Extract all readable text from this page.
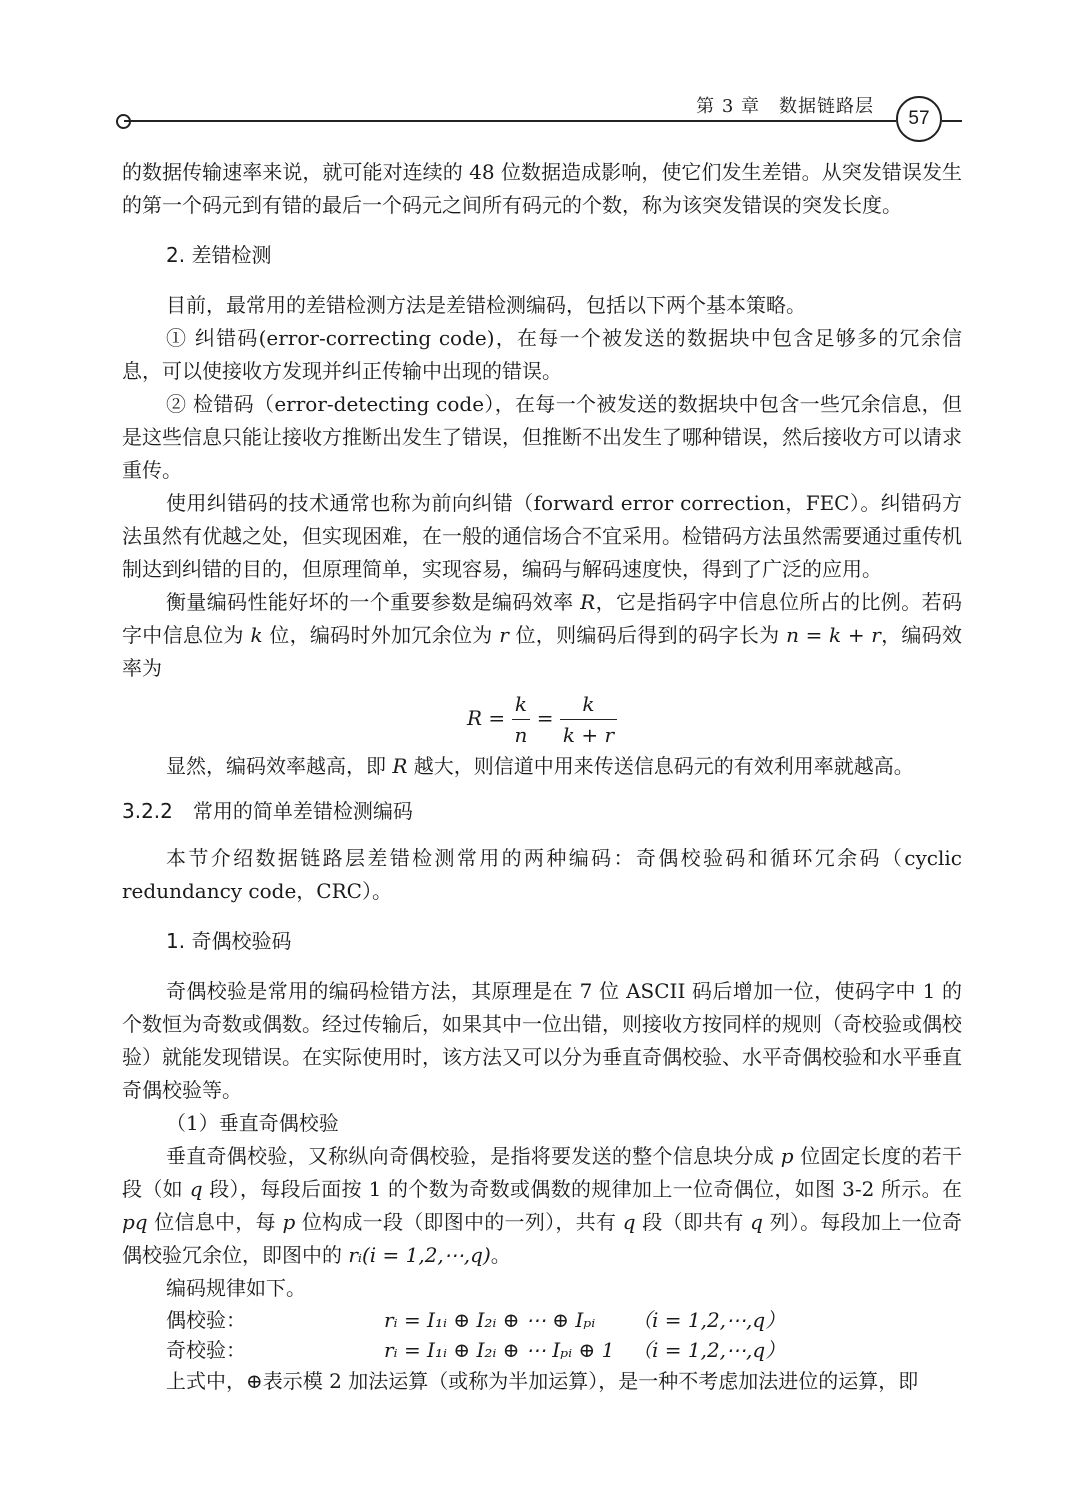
第 3 章　数据链路层
57

的数据传输速率来说，就可能对连续的 48 位数据造成影响，使它们发生差错。从突发错误发生的第一个码元到有错的最后一个码元之间所有码元的个数，称为该突发错误的突发长度。

2. 差错检测

目前，最常用的差错检测方法是差错检测编码，包括以下两个基本策略。

① 纠错码(error-correcting code)，在每一个被发送的数据块中包含足够多的冗余信息，可以使接收方发现并纠正传输中出现的错误。

② 检错码（error-detecting code），在每一个被发送的数据块中包含一些冗余信息，但是这些信息只能让接收方推断出发生了错误，但推断不出发生了哪种错误，然后接收方可以请求重传。

使用纠错码的技术通常也称为前向纠错（forward error correction，FEC）。纠错码方法虽然有优越之处，但实现困难，在一般的通信场合不宜采用。检错码方法虽然需要通过重传机制达到纠错的目的，但原理简单，实现容易，编码与解码速度快，得到了广泛的应用。

衡量编码性能好坏的一个重要参数是编码效率 R，它是指码字中信息位所占的比例。若码字中信息位为 k 位，编码时外加冗余位为 r 位，则编码后得到的码字长为 n = k + r，编码效率为

$R = \frac{k}{n} = \frac{k}{k + r}$

显然，编码效率越高，即 R 越大，则信道中用来传送信息码元的有效利用率就越高。

3.2.2　常用的简单差错检测编码

本节介绍数据链路层差错检测常用的两种编码：奇偶校验码和循环冗余码（cyclic redundancy code，CRC）。

1. 奇偶校验码

奇偶校验是常用的编码检错方法，其原理是在 7 位 ASCII 码后增加一位，使码字中 1 的个数恒为奇数或偶数。经过传输后，如果其中一位出错，则接收方按同样的规则（奇校验或偶校验）就能发现错误。在实际使用时，该方法又可以分为垂直奇偶校验、水平奇偶校验和水平垂直奇偶校验等。

（1）垂直奇偶校验

垂直奇偶校验，又称纵向奇偶校验，是指将要发送的整个信息块分成 p 位固定长度的若干段（如 q 段），每段后面按 1 的个数为奇数或偶数的规律加上一位奇偶位，如图 3-2 所示。在 pq 位信息中，每 p 位构成一段（即图中的一列），共有 q 段（即共有 q 列）。每段加上一位奇偶校验冗余位，即图中的 rᵢ(i = 1,2,⋯,q)。

编码规律如下。

偶校验：	rᵢ = I₁ᵢ ⊕ I₂ᵢ ⊕ ⋯ ⊕ Iₚᵢ	（i = 1,2,⋯,q）
奇校验：	rᵢ = I₁ᵢ ⊕ I₂ᵢ ⊕ ⋯ Iₚᵢ ⊕ 1 （i = 1,2,⋯,q）

上式中，⊕表示模 2 加法运算（或称为半加运算），是一种不考虑加法进位的运算，即
